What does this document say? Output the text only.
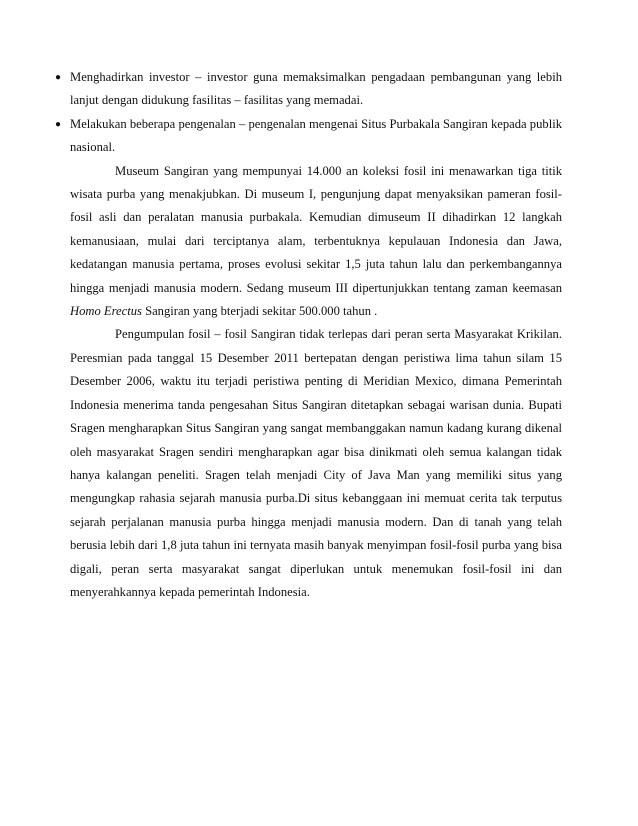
● Menghadirkan investor – investor guna memaksimalkan pengadaan pembangunan yang lebih lanjut dengan didukung fasilitas – fasilitas yang memadai.
● Melakukan beberapa pengenalan – pengenalan mengenai Situs Purbakala Sangiran kepada publik nasional.

Museum Sangiran yang mempunyai 14.000 an koleksi fosil ini menawarkan tiga titik wisata purba yang menakjubkan. Di museum I, pengunjung dapat menyaksikan pameran fosil-fosil asli dan peralatan manusia purbakala. Kemudian dimuseum II dihadirkan 12 langkah kemanusiaan, mulai dari terciptanya alam, terbentuknya kepulauan Indonesia dan Jawa, kedatangan manusia pertama, proses evolusi sekitar 1,5 juta tahun lalu dan perkembangannya hingga menjadi manusia modern. Sedang museum III dipertunjukkan tentang zaman keemasan Homo Erectus Sangiran yang bterjadi sekitar 500.000 tahun .

Pengumpulan fosil – fosil Sangiran tidak terlepas dari peran serta Masyarakat Krikilan. Peresmian pada tanggal 15 Desember 2011 bertepatan dengan peristiwa lima tahun silam 15 Desember 2006, waktu itu terjadi peristiwa penting di Meridian Mexico, dimana Pemerintah Indonesia menerima tanda pengesahan Situs Sangiran ditetapkan sebagai warisan dunia. Bupati Sragen mengharapkan Situs Sangiran yang sangat membanggakan namun kadang kurang dikenal oleh masyarakat Sragen sendiri mengharapkan agar bisa dinikmati oleh semua kalangan tidak hanya kalangan peneliti. Sragen telah menjadi City of Java Man yang memiliki situs yang mengungkap rahasia sejarah manusia purba.Di situs kebanggaan ini memuat cerita tak terputus sejarah perjalanan manusia purba hingga menjadi manusia modern. Dan di tanah yang telah berusia lebih dari 1,8 juta tahun ini ternyata masih banyak menyimpan fosil-fosil purba yang bisa digali, peran serta masyarakat sangat diperlukan untuk menemukan fosil-fosil ini dan menyerahkannya kepada pemerintah Indonesia.
